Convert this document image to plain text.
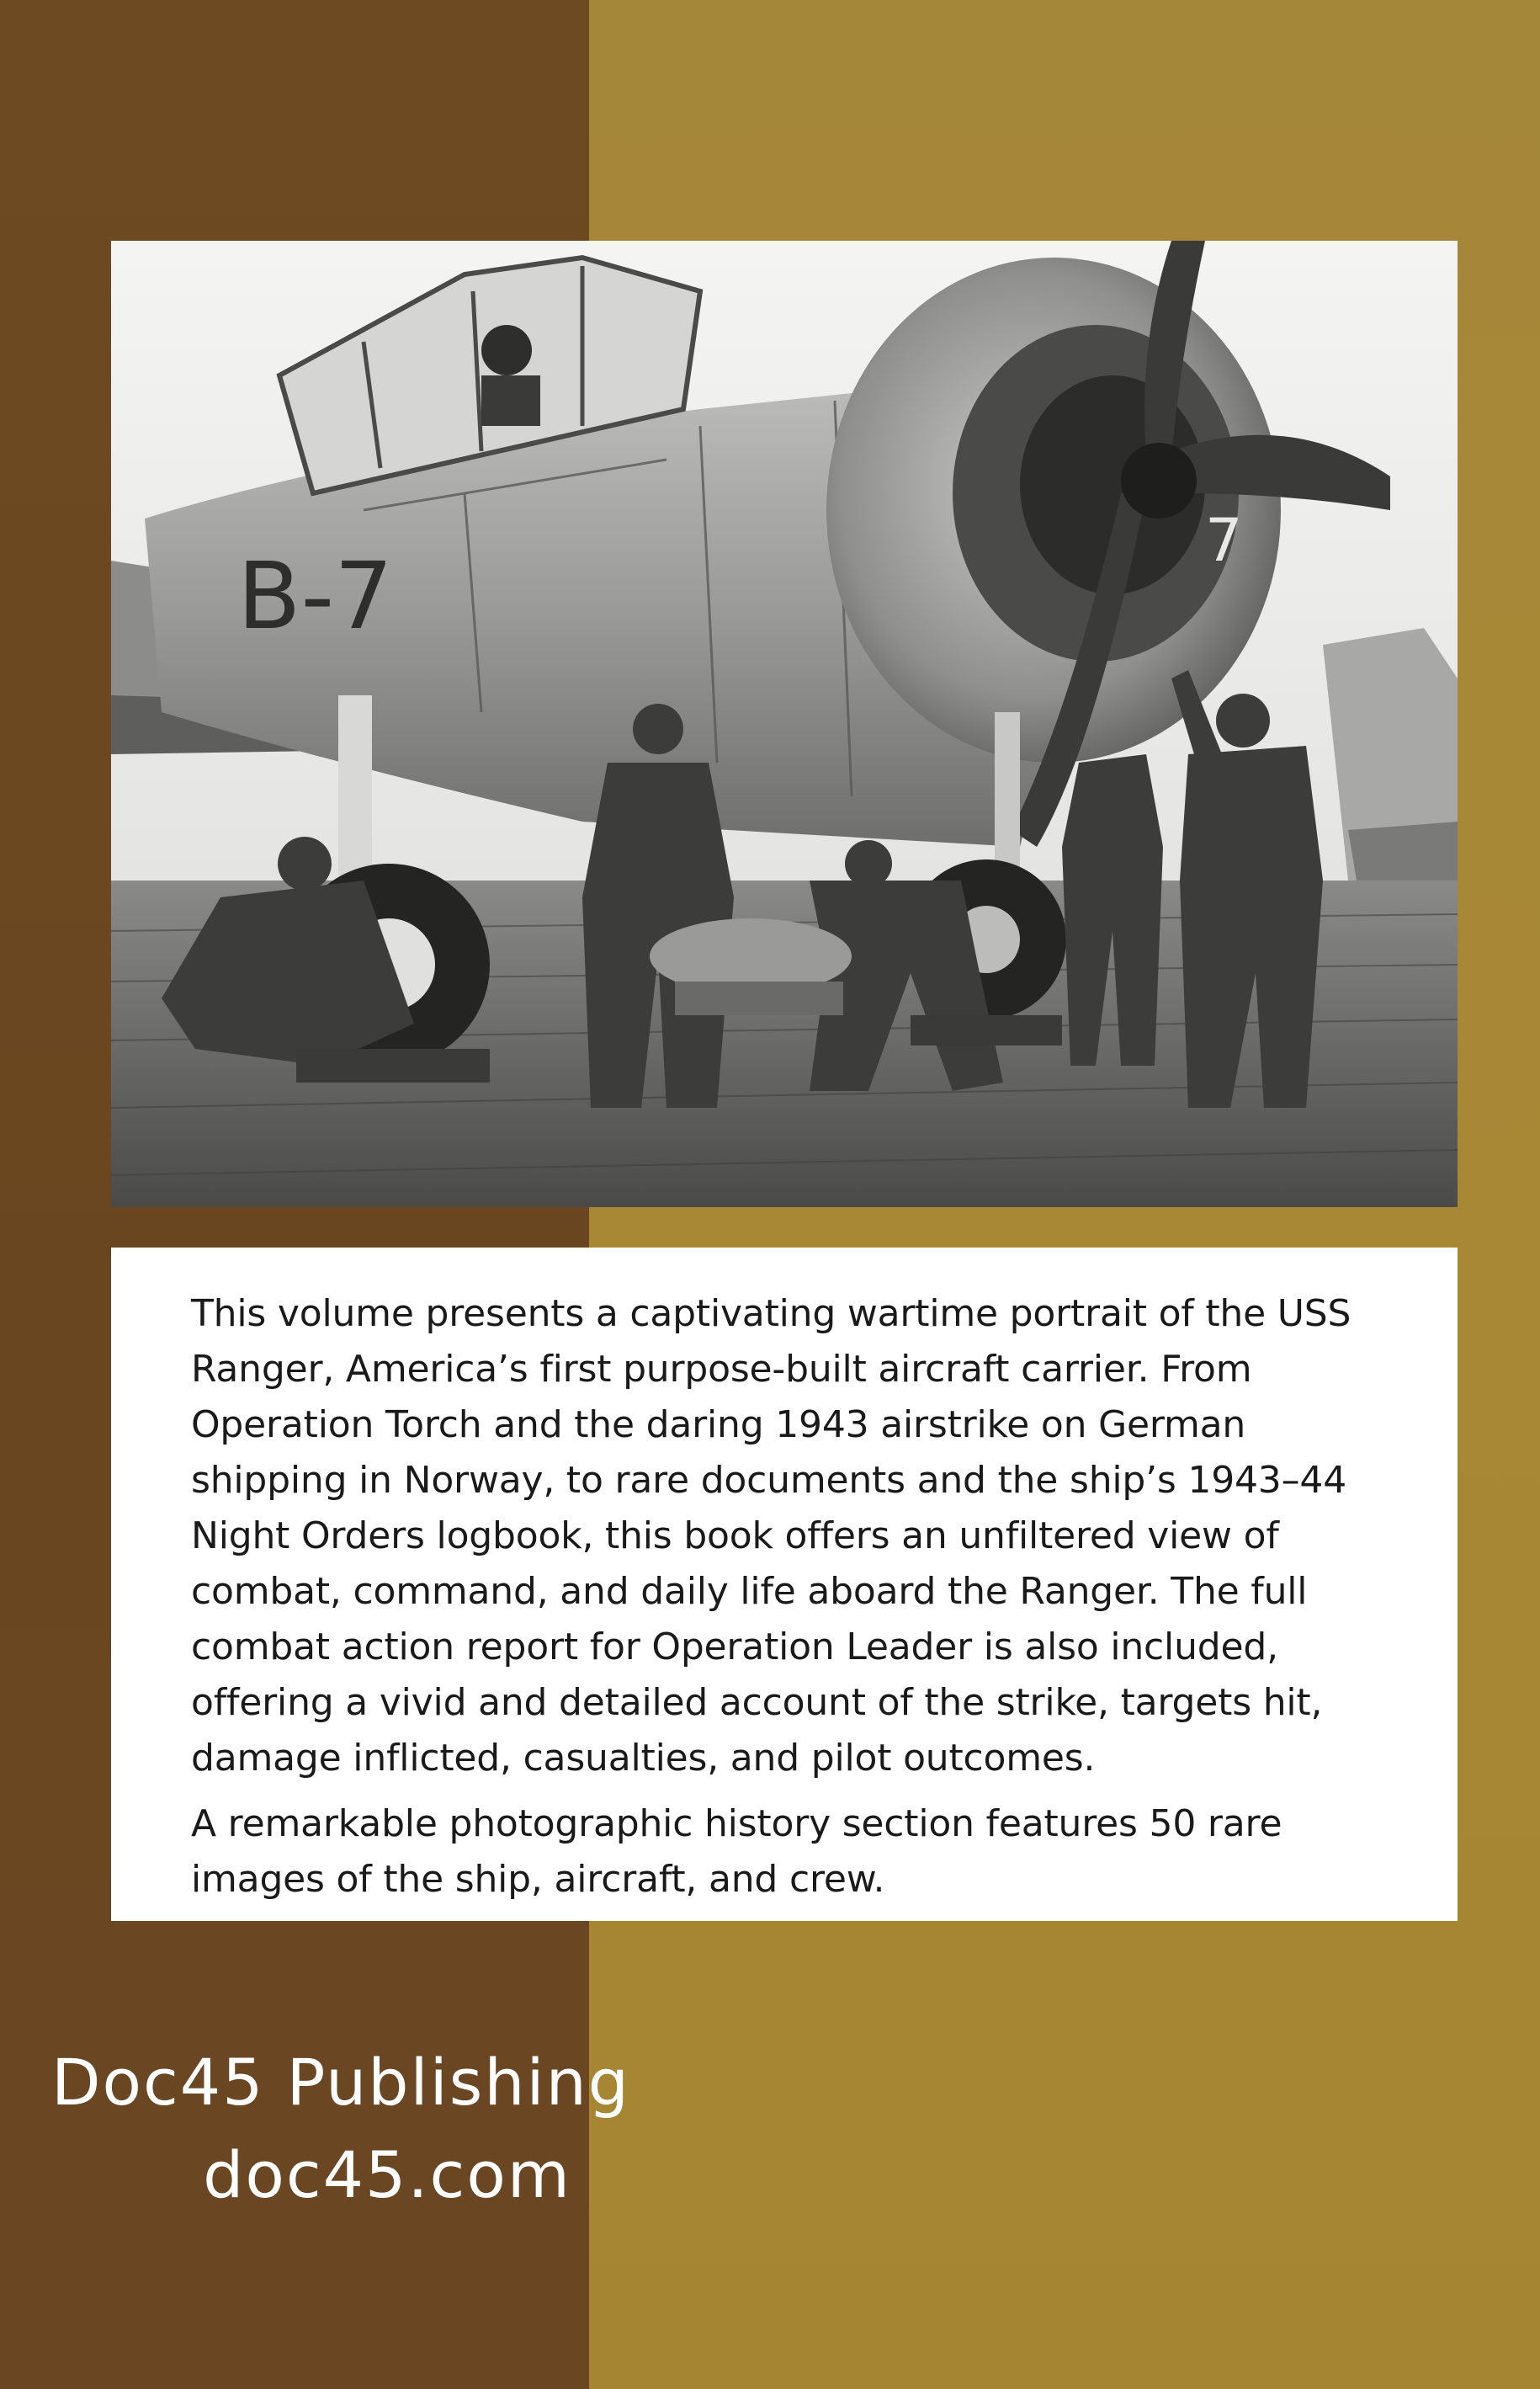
B-7
7

This volume presents a captivating wartime portrait of the USS Ranger, America’s first purpose-built aircraft carrier. From Operation Torch and the daring 1943 airstrike on German shipping in Norway, to rare documents and the ship’s 1943–44 Night Orders logbook, this book offers an unfiltered view of combat, command, and daily life aboard the Ranger. The full combat action report for Operation Leader is also included, offering a vivid and detailed account of the strike, targets hit, damage inflicted, casualties, and pilot outcomes.

A remarkable photographic history section features 50 rare images of the ship, aircraft, and crew.

Doc45 Publishing
doc45.com
